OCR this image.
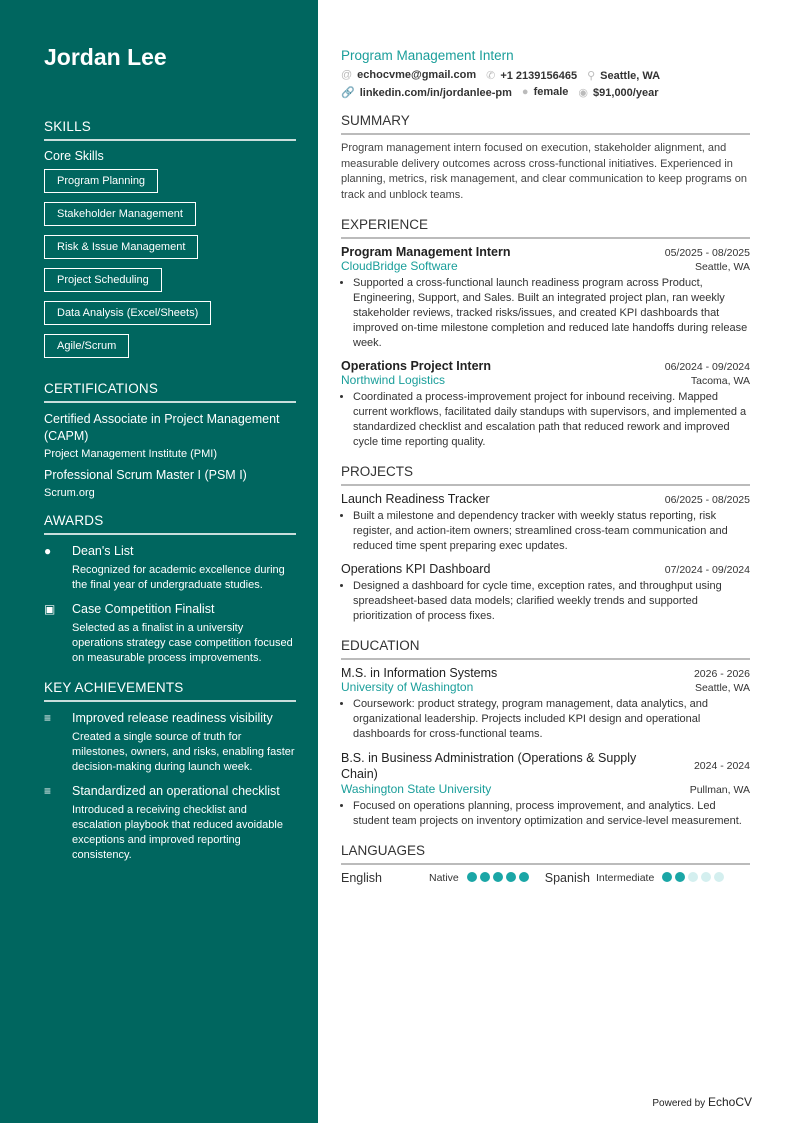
Jordan Lee
SKILLS
Core Skills
Program Planning
Stakeholder Management
Risk & Issue Management
Project Scheduling
Data Analysis (Excel/Sheets)
Agile/Scrum
CERTIFICATIONS
Certified Associate in Project Management (CAPM)
Project Management Institute (PMI)
Professional Scrum Master I (PSM I)
Scrum.org
AWARDS
●	Dean's List
Recognized for academic excellence during the final year of undergraduate studies.
▣	Case Competition Finalist
Selected as a finalist in a university operations strategy case competition focused on measurable process improvements.
KEY ACHIEVEMENTS
≡	Improved release readiness visibility
Created a single source of truth for milestones, owners, and risks, enabling faster decision-making during launch week.
≡	Standardized an operational checklist
Introduced a receiving checklist and escalation playbook that reduced avoidable exceptions and improved reporting consistency.
Program Management Intern
@ echocvme@gmail.com ✆ +1 2139156465 ⚲ Seattle, WA
🔗 linkedin.com/in/jordanlee-pm ● female ◉ $91,000/year
SUMMARY
Program management intern focused on execution, stakeholder alignment, and measurable delivery outcomes across cross-functional initiatives. Experienced in planning, metrics, risk management, and clear communication to keep programs on track and unblock teams.
EXPERIENCE
Program Management Intern	05/2025 - 08/2025
CloudBridge Software	Seattle, WA
• Supported a cross-functional launch readiness program across Product, Engineering, Support, and Sales. Built an integrated project plan, ran weekly stakeholder reviews, tracked risks/issues, and created KPI dashboards that improved on-time milestone completion and reduced late handoffs during release week.
Operations Project Intern	06/2024 - 09/2024
Northwind Logistics	Tacoma, WA
• Coordinated a process-improvement project for inbound receiving. Mapped current workflows, facilitated daily standups with supervisors, and implemented a standardized checklist and escalation path that reduced rework and improved cycle time reporting quality.
PROJECTS
Launch Readiness Tracker	06/2025 - 08/2025
• Built a milestone and dependency tracker with weekly status reporting, risk register, and action-item owners; streamlined cross-team communication and reduced time spent preparing exec updates.
Operations KPI Dashboard	07/2024 - 09/2024
• Designed a dashboard for cycle time, exception rates, and throughput using spreadsheet-based data models; clarified weekly trends and supported prioritization of process fixes.
EDUCATION
M.S. in Information Systems	2026 - 2026
University of Washington	Seattle, WA
• Coursework: product strategy, program management, data analytics, and organizational leadership. Projects included KPI design and operational dashboards for cross-functional teams.
B.S. in Business Administration (Operations & Supply Chain)
2024 - 2024
Washington State University	Pullman, WA
• Focused on operations planning, process improvement, and analytics. Led student team projects on inventory optimization and service-level measurement.
LANGUAGES
English	Native	Spanish Intermediate
Powered by EchoCV
